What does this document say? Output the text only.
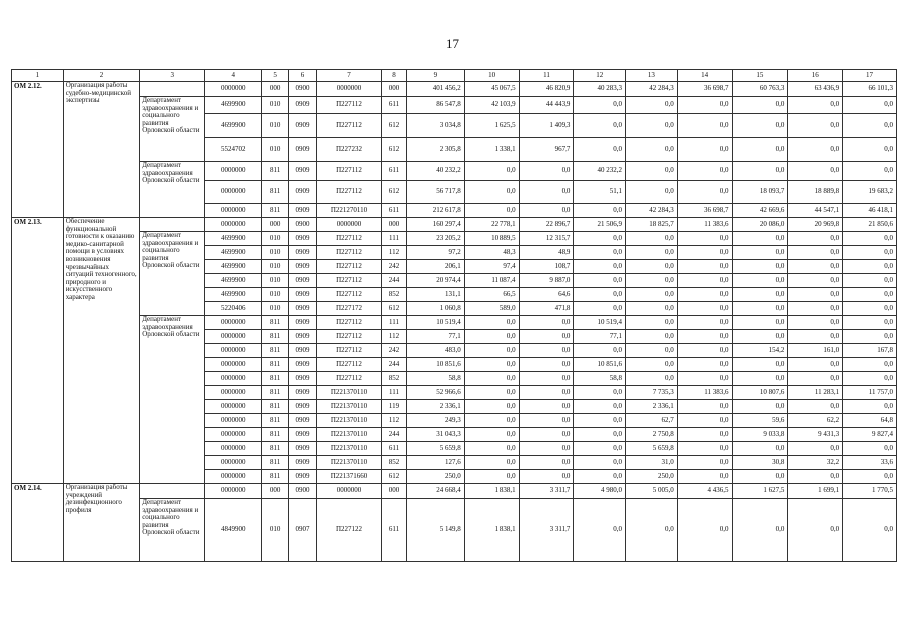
17
1	2	3	4	5	6	7	8	9	10	11	12	13	14	15	16	17
ОМ 2.12.	Организация работы судебно-медицинской экспертизы		0000000	000	0900	0000000	000	401 456,2	45 067,5	46 820,9	40 283,3	42 284,3	36 698,7	60 763,3	63 436,9	66 101,3
		Департамент здравоохранения и социального развития Орловской области	4699900	010	0909	П227112	611	86 547,8	42 103,9	44 443,9	0,0	0,0	0,0	0,0	0,0	0,0
			4699900	010	0909	П227112	612	3 034,8	1 625,5	1 409,3	0,0	0,0	0,0	0,0	0,0	0,0
			5524702	010	0909	П227232	612	2 305,8	1 338,1	967,7	0,0	0,0	0,0	0,0	0,0	0,0
		Департамент здравоохранения Орловской области	0000000	811	0909	П227112	611	40 232,2	0,0	0,0	40 232,2	0,0	0,0	0,0	0,0	0,0
			0000000	811	0909	П227112	612	56 717,8	0,0	0,0	51,1	0,0	0,0	18 093,7	18 889,8	19 683,2
			0000000	811	0909	П221270110	611	212 617,8	0,0	0,0	0,0	42 284,3	36 698,7	42 669,6	44 547,1	46 418,1
ОМ 2.13.	Обеспечение функциональной готовности к оказанию медико-санитарной помощи в условиях возникновения чрезвычайных ситуаций техногенного, природного и искусственного характера		0000000	000	0900	0000000	000	160 297,4	22 778,1	22 896,7	21 506,9	18 825,7	11 383,6	20 086,0	20 969,8	21 850,6
		Департамент здравоохранения и социального развития Орловской области	4699900	010	0909	П227112	111	23 205,2	10 889,5	12 315,7	0,0	0,0	0,0	0,0	0,0	0,0
			4699900	010	0909	П227112	112	97,2	48,3	48,9	0,0	0,0	0,0	0,0	0,0	0,0
			4699900	010	0909	П227112	242	206,1	97,4	108,7	0,0	0,0	0,0	0,0	0,0	0,0
			4699900	010	0909	П227112	244	20 974,4	11 087,4	9 887,0	0,0	0,0	0,0	0,0	0,0	0,0
			4699900	010	0909	П227112	852	131,1	66,5	64,6	0,0	0,0	0,0	0,0	0,0	0,0
			5220406	010	0909	П227172	612	1 060,8	589,0	471,8	0,0	0,0	0,0	0,0	0,0	0,0
		Департамент здравоохранения Орловской области	0000000	811	0909	П227112	111	10 519,4	0,0	0,0	10 519,4	0,0	0,0	0,0	0,0	0,0
			0000000	811	0909	П227112	112	77,1	0,0	0,0	77,1	0,0	0,0	0,0	0,0	0,0
			0000000	811	0909	П227112	242	483,0	0,0	0,0	0,0	0,0	0,0	154,2	161,0	167,8
			0000000	811	0909	П227112	244	10 851,6	0,0	0,0	10 851,6	0,0	0,0	0,0	0,0	0,0
			0000000	811	0909	П227112	852	58,8	0,0	0,0	58,8	0,0	0,0	0,0	0,0	0,0
			0000000	811	0909	П221370110	111	52 966,6	0,0	0,0	0,0	7 735,3	11 383,6	10 807,6	11 283,1	11 757,0
			0000000	811	0909	П221370110	119	2 336,1	0,0	0,0	0,0	2 336,1	0,0	0,0	0,0	0,0
			0000000	811	0909	П221370110	112	249,3	0,0	0,0	0,0	62,7	0,0	59,6	62,2	64,8
			0000000	811	0909	П221370110	244	31 043,3	0,0	0,0	0,0	2 750,8	0,0	9 033,8	9 431,3	9 827,4
			0000000	811	0909	П221370110	611	5 659,8	0,0	0,0	0,0	5 659,8	0,0	0,0	0,0	0,0
			0000000	811	0909	П221370110	852	127,6	0,0	0,0	0,0	31,0	0,0	30,8	32,2	33,6
			0000000	811	0909	П221371660	612	250,0	0,0	0,0	0,0	250,0	0,0	0,0	0,0	0,0
ОМ 2.14.	Организация работы учреждений дезинфекционного профиля		0000000	000	0900	0000000	000	24 668,4	1 838,1	3 311,7	4 980,0	5 005,0	4 436,5	1 627,5	1 699,1	1 770,5
		Департамент здравоохранения и социального развития Орловской области	4849900	010	0907	П227122	611	5 149,8	1 838,1	3 311,7	0,0	0,0	0,0	0,0	0,0	0,0
